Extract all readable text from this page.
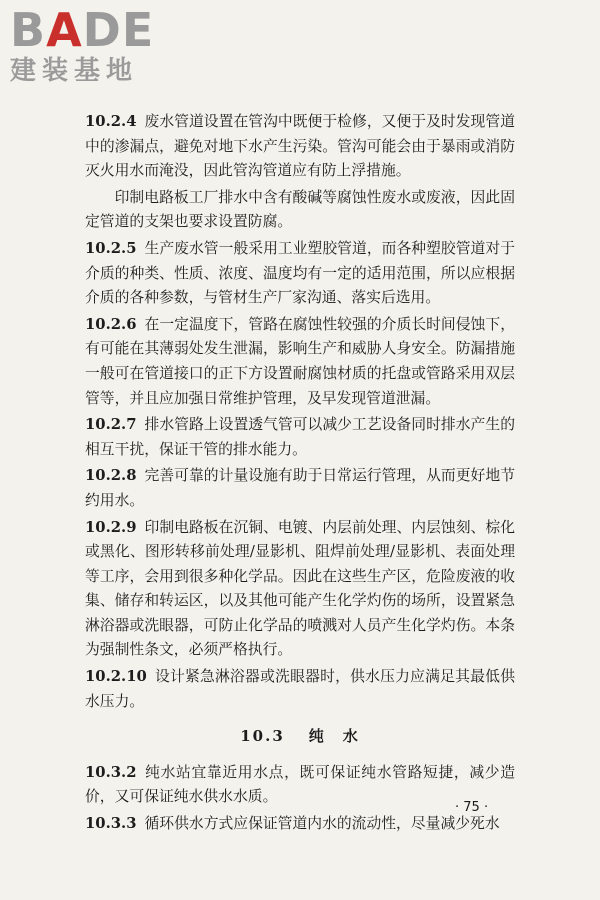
BADE
建装基地

10.2.4 废水管道设置在管沟中既便于检修，又便于及时发现管道中的渗漏点，避免对地下水产生污染。管沟可能会由于暴雨或消防灭火用水而淹没，因此管沟管道应有防上浮措施。

印制电路板工厂排水中含有酸碱等腐蚀性废水或废液，因此固定管道的支架也要求设置防腐。

10.2.5 生产废水管一般采用工业塑胶管道，而各种塑胶管道对于介质的种类、性质、浓度、温度均有一定的适用范围，所以应根据介质的各种参数，与管材生产厂家沟通、落实后选用。

10.2.6 在一定温度下，管路在腐蚀性较强的介质长时间侵蚀下，有可能在其薄弱处发生泄漏，影响生产和威胁人身安全。防漏措施一般可在管道接口的正下方设置耐腐蚀材质的托盘或管路采用双层管等，并且应加强日常维护管理，及早发现管道泄漏。

10.2.7 排水管路上设置透气管可以减少工艺设备同时排水产生的相互干扰，保证干管的排水能力。

10.2.8 完善可靠的计量设施有助于日常运行管理，从而更好地节约用水。

10.2.9 印制电路板在沉铜、电镀、内层前处理、内层蚀刻、棕化或黑化、图形转移前处理/显影机、阻焊前处理/显影机、表面处理等工序，会用到很多种化学品。因此在这些生产区，危险废液的收集、储存和转运区，以及其他可能产生化学灼伤的场所，设置紧急淋浴器或洗眼器，可防止化学品的喷溅对人员产生化学灼伤。本条为强制性条文，必须严格执行。

10.2.10 设计紧急淋浴器或洗眼器时，供水压力应满足其最低供水压力。

10.3 纯　水

10.3.2 纯水站宜靠近用水点，既可保证纯水管路短捷，减少造价，又可保证纯水供水水质。

10.3.3 循环供水方式应保证管道内水的流动性，尽量减少死水

· 75 ·
